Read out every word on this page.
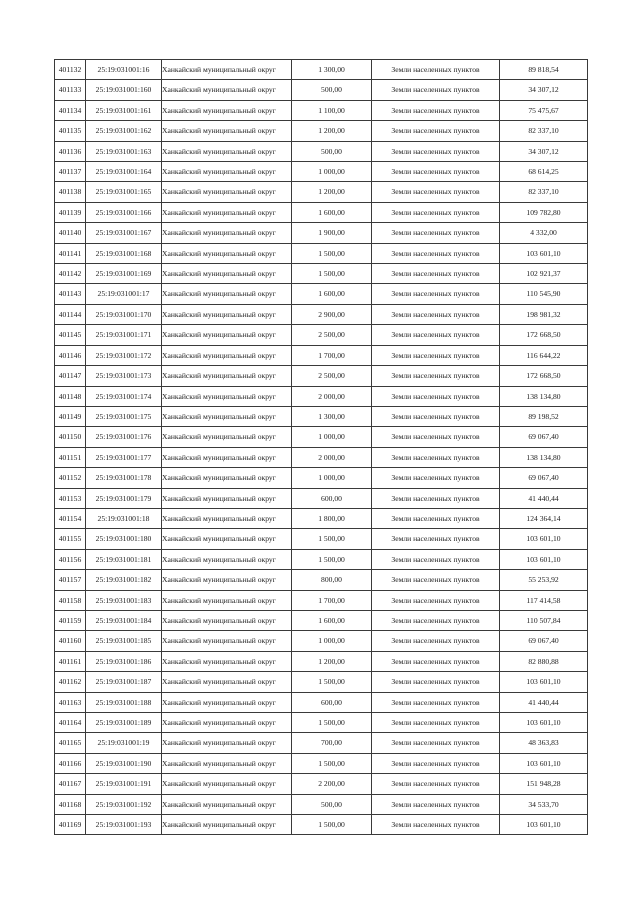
401132	25:19:031001:16	Ханкайский муниципальный округ	1 300,00	Земли населенных пунктов	89 818,54
401133	25:19:031001:160	Ханкайский муниципальный округ	500,00	Земли населенных пунктов	34 307,12
401134	25:19:031001:161	Ханкайский муниципальный округ	1 100,00	Земли населенных пунктов	75 475,67
401135	25:19:031001:162	Ханкайский муниципальный округ	1 200,00	Земли населенных пунктов	82 337,10
401136	25:19:031001:163	Ханкайский муниципальный округ	500,00	Земли населенных пунктов	34 307,12
401137	25:19:031001:164	Ханкайский муниципальный округ	1 000,00	Земли населенных пунктов	68 614,25
401138	25:19:031001:165	Ханкайский муниципальный округ	1 200,00	Земли населенных пунктов	82 337,10
401139	25:19:031001:166	Ханкайский муниципальный округ	1 600,00	Земли населенных пунктов	109 782,80
401140	25:19:031001:167	Ханкайский муниципальный округ	1 900,00	Земли населенных пунктов	4 332,00
401141	25:19:031001:168	Ханкайский муниципальный округ	1 500,00	Земли населенных пунктов	103 601,10
401142	25:19:031001:169	Ханкайский муниципальный округ	1 500,00	Земли населенных пунктов	102 921,37
401143	25:19:031001:17	Ханкайский муниципальный округ	1 600,00	Земли населенных пунктов	110 545,90
401144	25:19:031001:170	Ханкайский муниципальный округ	2 900,00	Земли населенных пунктов	198 981,32
401145	25:19:031001:171	Ханкайский муниципальный округ	2 500,00	Земли населенных пунктов	172 668,50
401146	25:19:031001:172	Ханкайский муниципальный округ	1 700,00	Земли населенных пунктов	116 644,22
401147	25:19:031001:173	Ханкайский муниципальный округ	2 500,00	Земли населенных пунктов	172 668,50
401148	25:19:031001:174	Ханкайский муниципальный округ	2 000,00	Земли населенных пунктов	138 134,80
401149	25:19:031001:175	Ханкайский муниципальный округ	1 300,00	Земли населенных пунктов	89 198,52
401150	25:19:031001:176	Ханкайский муниципальный округ	1 000,00	Земли населенных пунктов	69 067,40
401151	25:19:031001:177	Ханкайский муниципальный округ	2 000,00	Земли населенных пунктов	138 134,80
401152	25:19:031001:178	Ханкайский муниципальный округ	1 000,00	Земли населенных пунктов	69 067,40
401153	25:19:031001:179	Ханкайский муниципальный округ	600,00	Земли населенных пунктов	41 440,44
401154	25:19:031001:18	Ханкайский муниципальный округ	1 800,00	Земли населенных пунктов	124 364,14
401155	25:19:031001:180	Ханкайский муниципальный округ	1 500,00	Земли населенных пунктов	103 601,10
401156	25:19:031001:181	Ханкайский муниципальный округ	1 500,00	Земли населенных пунктов	103 601,10
401157	25:19:031001:182	Ханкайский муниципальный округ	800,00	Земли населенных пунктов	55 253,92
401158	25:19:031001:183	Ханкайский муниципальный округ	1 700,00	Земли населенных пунктов	117 414,58
401159	25:19:031001:184	Ханкайский муниципальный округ	1 600,00	Земли населенных пунктов	110 507,84
401160	25:19:031001:185	Ханкайский муниципальный округ	1 000,00	Земли населенных пунктов	69 067,40
401161	25:19:031001:186	Ханкайский муниципальный округ	1 200,00	Земли населенных пунктов	82 880,88
401162	25:19:031001:187	Ханкайский муниципальный округ	1 500,00	Земли населенных пунктов	103 601,10
401163	25:19:031001:188	Ханкайский муниципальный округ	600,00	Земли населенных пунктов	41 440,44
401164	25:19:031001:189	Ханкайский муниципальный округ	1 500,00	Земли населенных пунктов	103 601,10
401165	25:19:031001:19	Ханкайский муниципальный округ	700,00	Земли населенных пунктов	48 363,83
401166	25:19:031001:190	Ханкайский муниципальный округ	1 500,00	Земли населенных пунктов	103 601,10
401167	25:19:031001:191	Ханкайский муниципальный округ	2 200,00	Земли населенных пунктов	151 948,28
401168	25:19:031001:192	Ханкайский муниципальный округ	500,00	Земли населенных пунктов	34 533,70
401169	25:19:031001:193	Ханкайский муниципальный округ	1 500,00	Земли населенных пунктов	103 601,10
